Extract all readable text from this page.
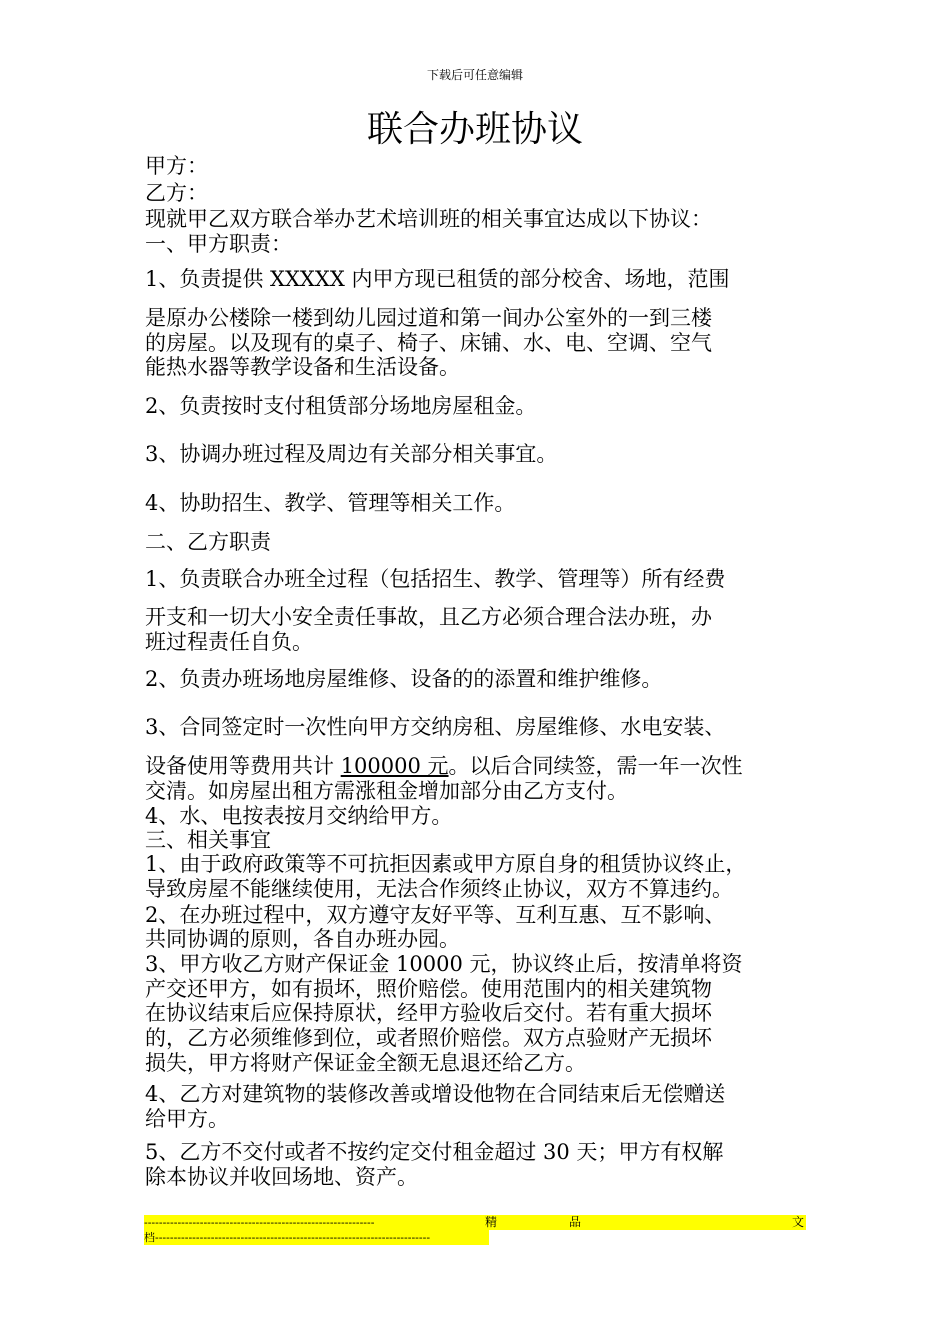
下载后可任意编辑
联合办班协议
甲方：
乙方：
现就甲乙双方联合举办艺术培训班的相关事宜达成以下协议：
一、甲方职责：
1、负责提供 XXXXX 内甲方现已租赁的部分校舍、场地，范围
是原办公楼除一楼到幼儿园过道和第一间办公室外的一到三楼
的房屋。以及现有的桌子、椅子、床铺、水、电、空调、空气
能热水器等教学设备和生活设备。
2、负责按时支付租赁部分场地房屋租金。
3、协调办班过程及周边有关部分相关事宜。
4、协助招生、教学、管理等相关工作。
二、乙方职责
1、负责联合办班全过程（包括招生、教学、管理等）所有经费
开支和一切大小安全责任事故，且乙方必须合理合法办班，办
班过程责任自负。
2、负责办班场地房屋维修、设备的的添置和维护维修。
3、合同签定时一次性向甲方交纳房租、房屋维修、水电安装、
设备使用等费用共计 100000 元。以后合同续签，需一年一次性
交清。如房屋出租方需涨租金增加部分由乙方支付。
4、水、电按表按月交纳给甲方。
三、相关事宜
1、由于政府政策等不可抗拒因素或甲方原自身的租赁协议终止，
导致房屋不能继续使用，无法合作须终止协议，双方不算违约。
2、在办班过程中，双方遵守友好平等、互利互惠、互不影响、
共同协调的原则，各自办班办园。
3、甲方收乙方财产保证金 10000 元，协议终止后，按清单将资
产交还甲方，如有损坏，照价赔偿。使用范围内的相关建筑物
在协议结束后应保持原状，经甲方验收后交付。若有重大损坏
的，乙方必须维修到位，或者照价赔偿。双方点验财产无损坏
损失，甲方将财产保证金全额无息退还给乙方。
4、乙方对建筑物的装修改善或增设他物在合同结束后无偿赠送
给甲方。
5、乙方不交付或者不按约定交付租金超过 30 天；甲方有权解
除本协议并收回场地、资产。
--------------------------------------------------------------	精	品	文
档--------------------------------------------------------------------------
